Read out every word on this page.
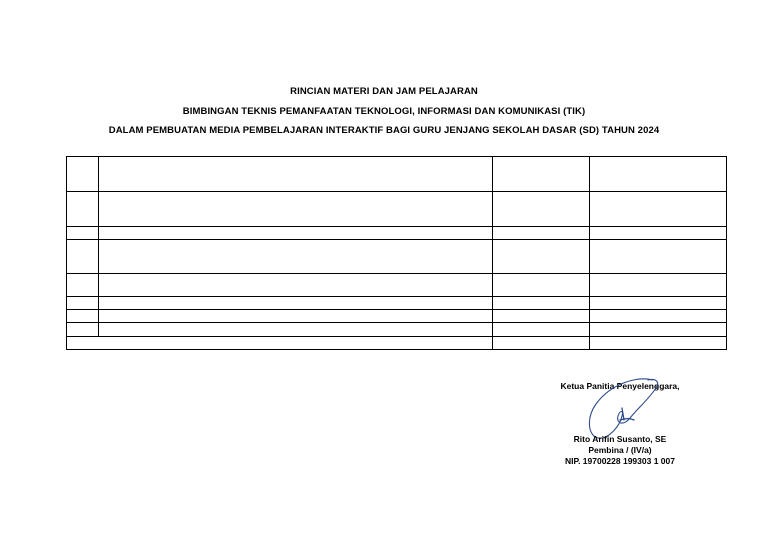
RINCIAN MATERI DAN JAM PELAJARAN
BIMBINGAN TEKNIS PEMANFAATAN TEKNOLOGI, INFORMASI DAN KOMUNIKASI (TIK)
DALAM PEMBUATAN MEDIA PEMBELAJARAN INTERAKTIF BAGI GURU JENJANG SEKOLAH DASAR (SD) TAHUN 2024

Ketua Panitia Penyelenggara,
Rito Arifin Susanto, SE
Pembina / (IV/a)
NIP. 19700228 199303 1 007
